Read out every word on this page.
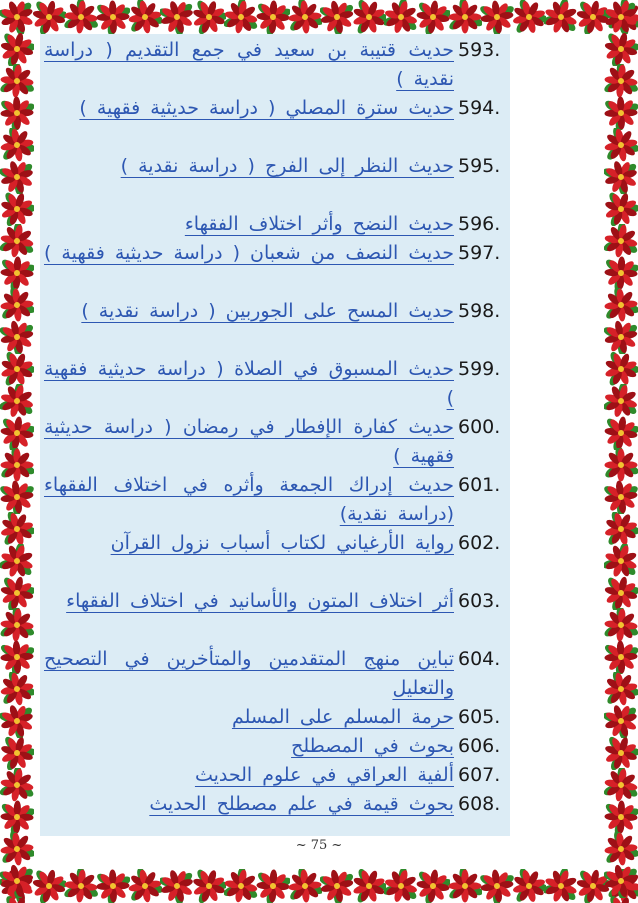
593.
حديث قتيبة بن سعيد في جمع التقديم ( دراسة نقدية )
594.
حديث سترة المصلي ( دراسة حديثية فقهية )
595.
حديث النظر إلى الفرج ( دراسة نقدية )
596.
حديث النضح وأثر اختلاف الفقهاء
597.
حديث النصف من شعبان ( دراسة حديثية فقهية )
598.
حديث المسح على الجوربين ( دراسة نقدية )
599.
حديث المسبوق في الصلاة ( دراسة حديثية فقهية )
600.
حديث كفارة الإفطار في رمضان ( دراسة حديثية فقهية )
601.
حديث إدراك الجمعة وأثره في اختلاف الفقهاء (دراسة نقدية)
602.
رواية الأرغياني لكتاب أسباب نزول القرآن
603.
أثر اختلاف المتون والأسانيد في اختلاف الفقهاء
604.
تباين منهج المتقدمين والمتأخرين في التصحيح والتعليل
605.
حرمة المسلم على المسلم
606.
بحوث في المصطلح
607.
ألفية العراقي في علوم الحديث
608.
بحوث قيمة في علم مصطلح الحديث
~ 75 ~
